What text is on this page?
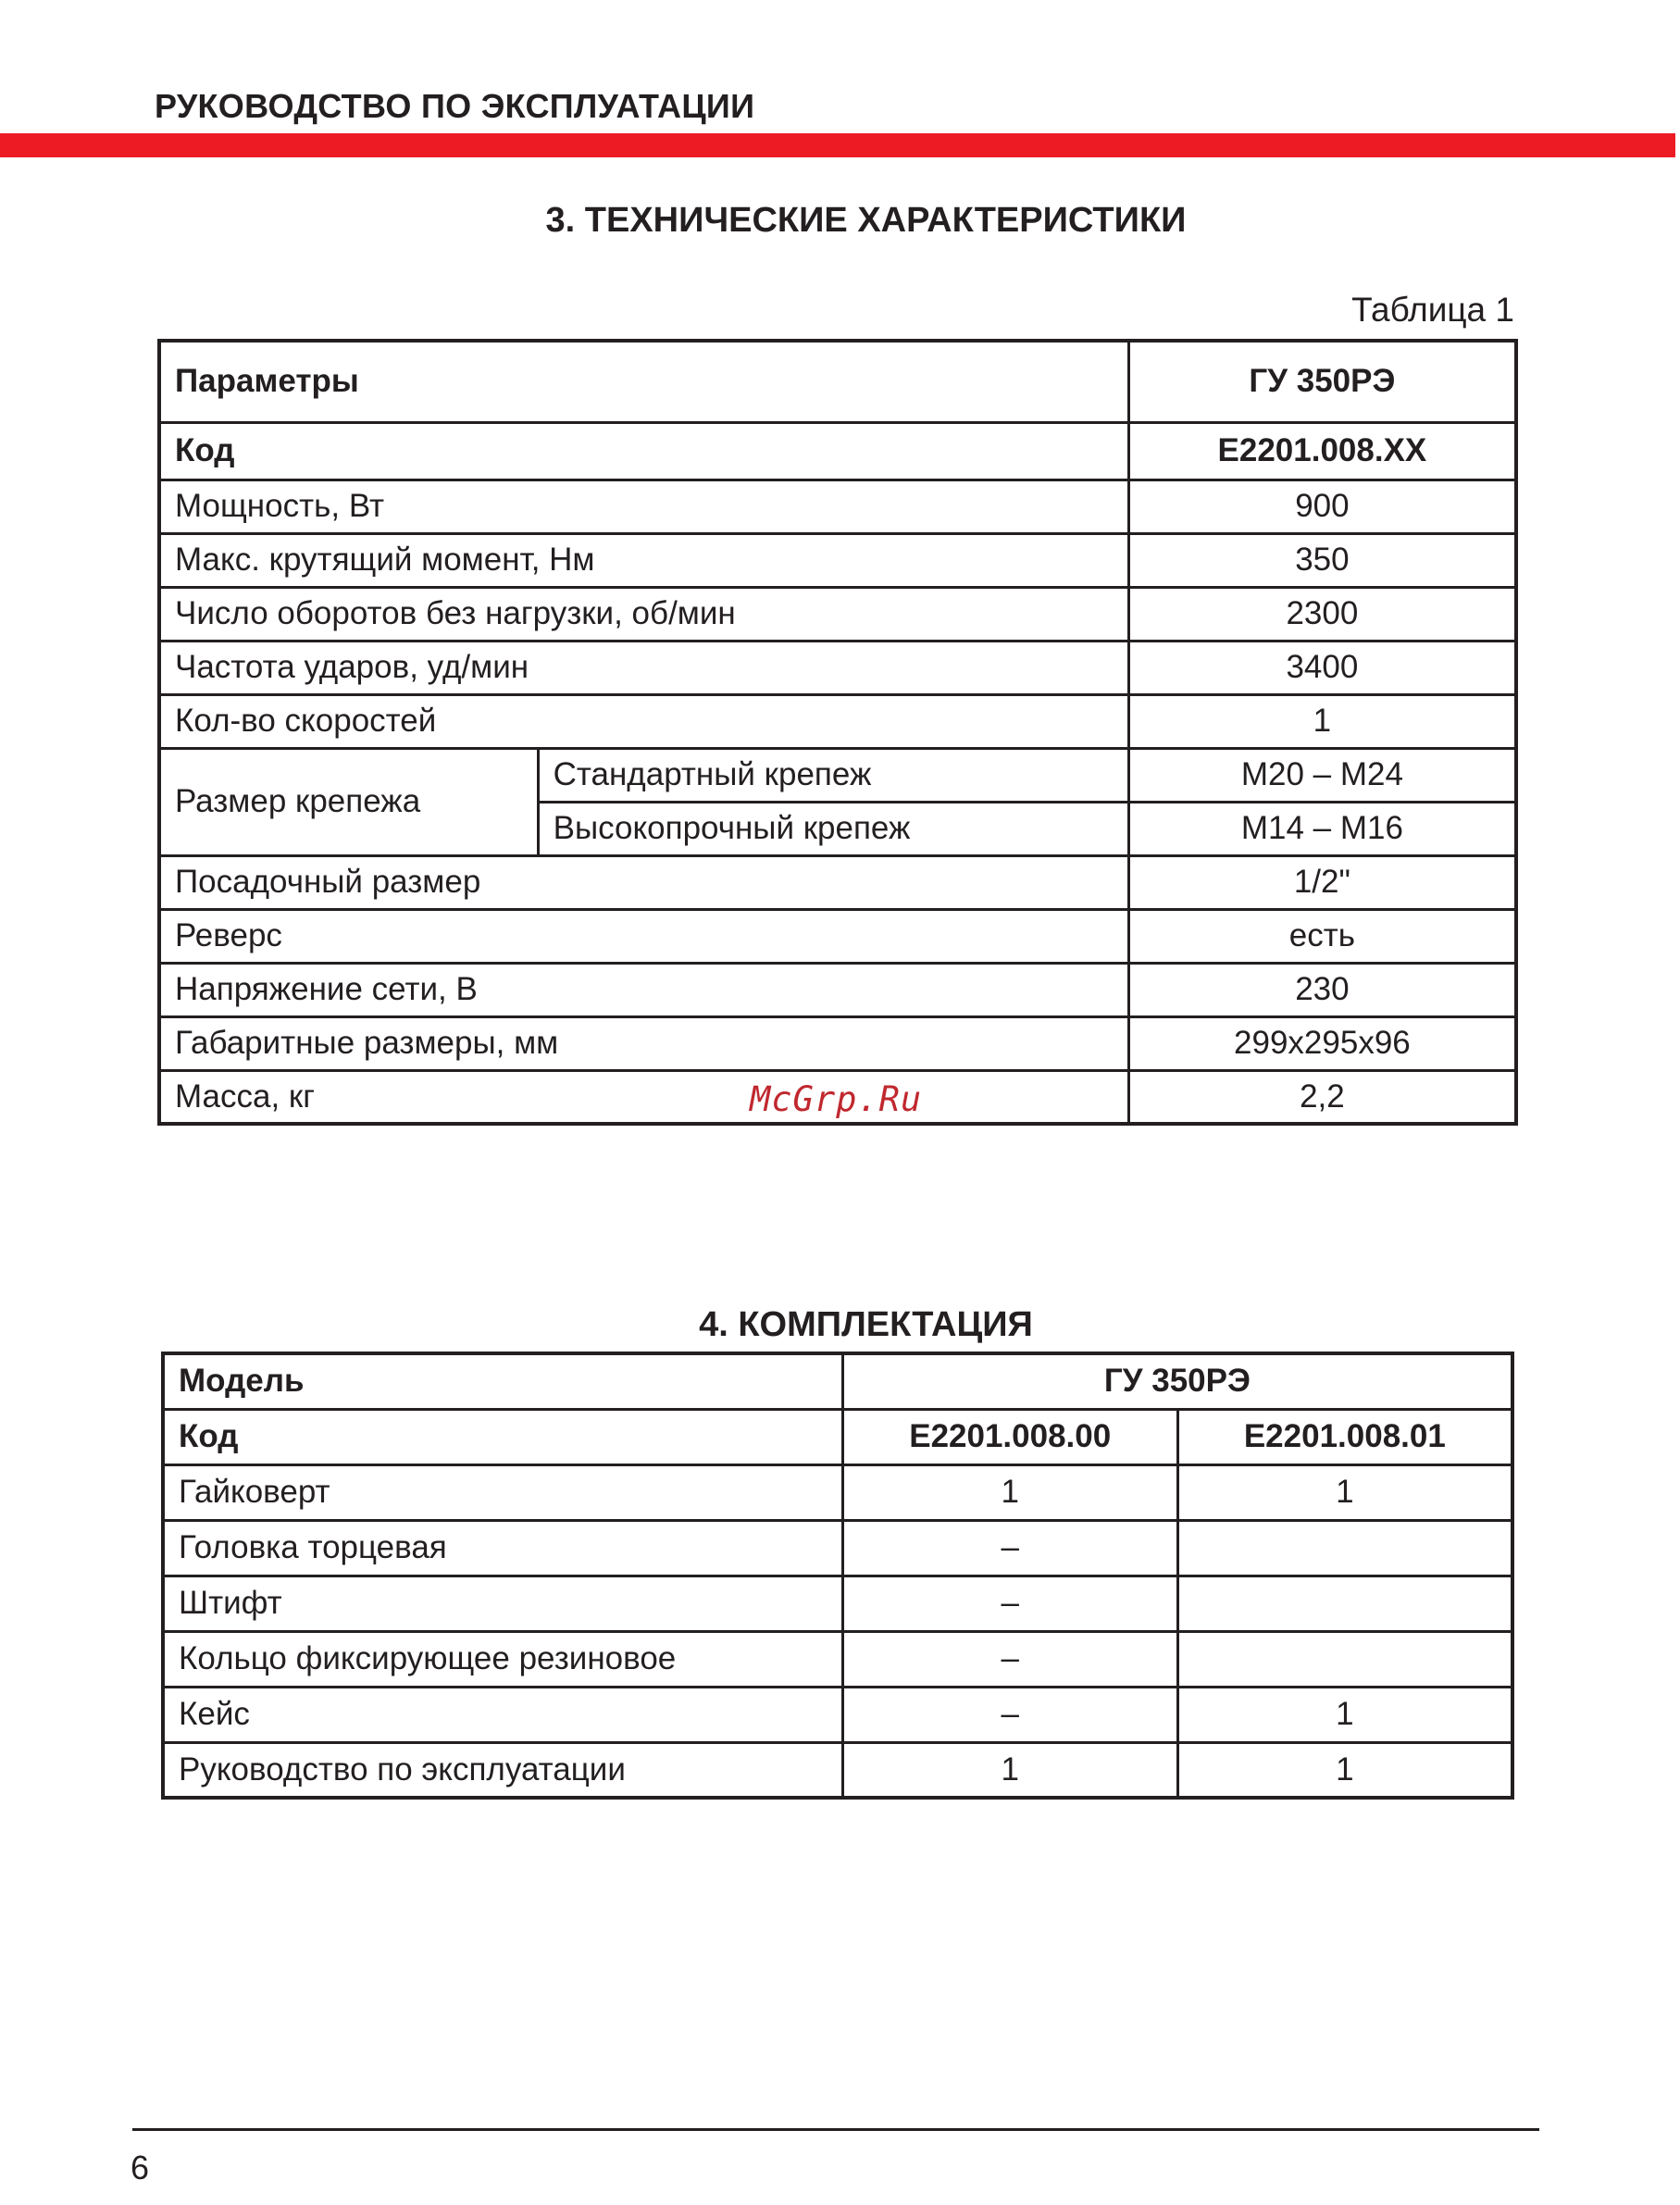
РУКОВОДСТВО ПО ЭКСПЛУАТАЦИИ
3. ТЕХНИЧЕСКИЕ ХАРАКТЕРИСТИКИ
Таблица 1
Параметры		ГУ 350РЭ
Код		Е2201.008.XX
Мощность, Вт		900
Макс. крутящий момент, Нм		350
Число оборотов без нагрузки, об/мин		2300
Частота ударов, уд/мин		3400
Кол-во скоростей		1
Размер крепежа	Стандартный крепеж	М20 – М24
	Высокопрочный крепеж	М14 – М16
Посадочный размер		1/2"
Реверс		есть
Напряжение сети, В		230
Габаритные размеры, мм		299x295x96
Масса, кг		2,2
McGrp.Ru
4. КОМПЛЕКТАЦИЯ
Модель	ГУ 350РЭ	
Код	Е2201.008.00	Е2201.008.01
Гайковерт	1	1
Головка торцевая	–	
Штифт	–	
Кольцо фиксирующее резиновое	–	
Кейс	–	1
Руководство по эксплуатации	1	1
6
